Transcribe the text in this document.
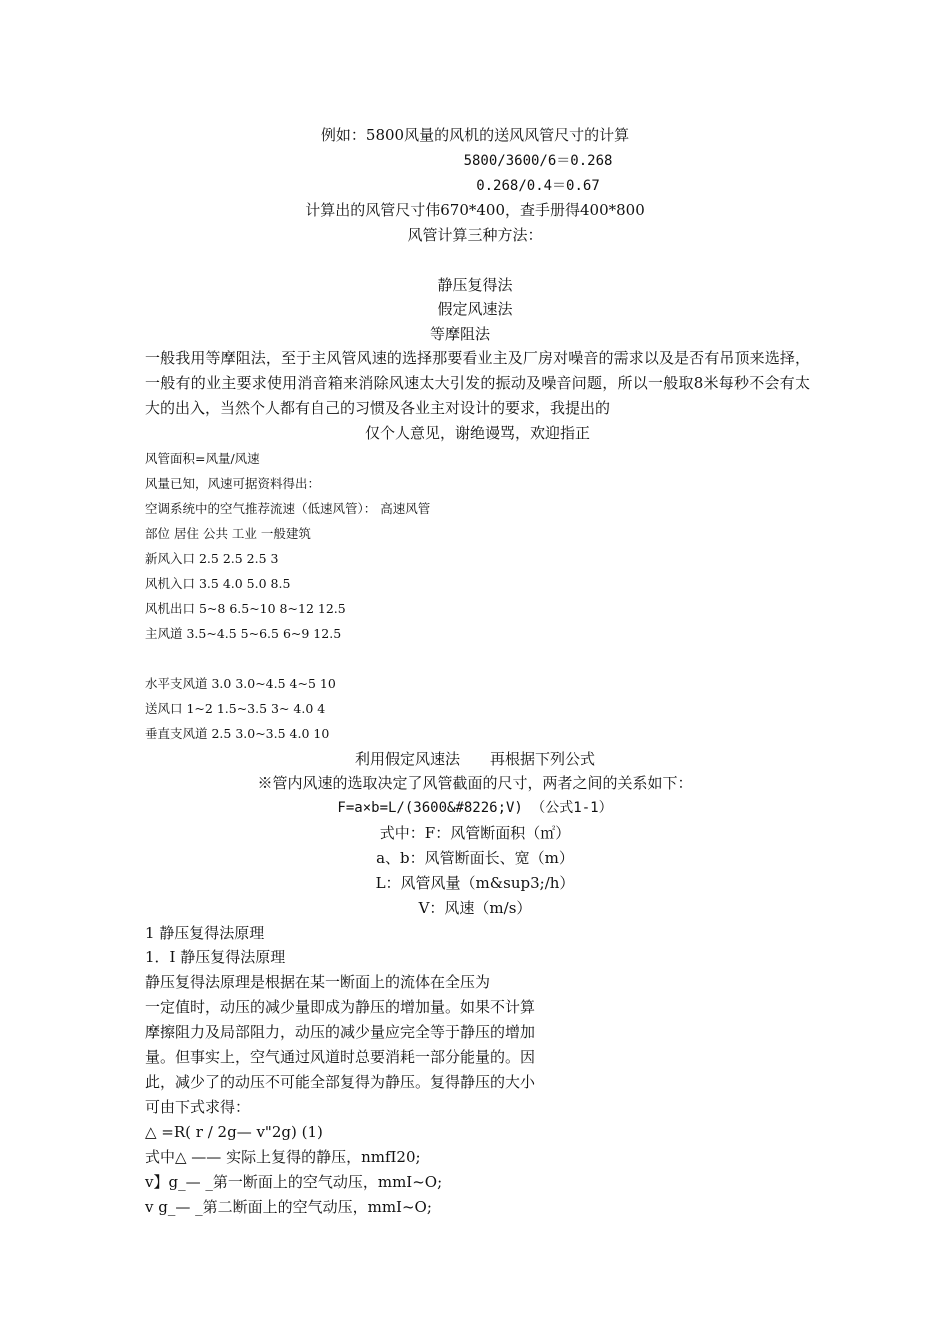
例如：5800风量的风机的送风风管尺寸的计算
5800/3600/6＝0.268
0.268/0.4＝0.67
计算出的风管尺寸伟670*400，查手册得400*800
风管计算三种方法：
静压复得法
假定风速法
等摩阻法
一般我用等摩阻法，至于主风管风速的选择那要看业主及厂房对噪音的需求以及是否有吊顶来选择，一般有的业主要求使用消音箱来消除风速太大引发的振动及噪音问题，所以一般取8米每秒不会有太大的出入，当然个人都有自己的习惯及各业主对设计的要求，我提出的
仅个人意见，谢绝谩骂，欢迎指正
风管面积=风量/风速
风量已知，风速可据资料得出：
空调系统中的空气推荐流速（低速风管）： 高速风管
部位 居住 公共 工业 一般建筑
新风入口 2.5 2.5 2.5 3
风机入口 3.5 4.0 5.0 8.5
风机出口 5~8 6.5~10 8~12 12.5
主风道 3.5~4.5 5~6.5 6~9 12.5
水平支风道 3.0 3.0~4.5 4~5 10
送风口 1~2 1.5~3.5 3~ 4.0 4
垂直支风道 2.5 3.0~3.5 4.0 10
利用假定风速法　　再根据下列公式
※管内风速的选取决定了风管截面的尺寸，两者之间的关系如下：
F=a×b=L/(3600&#8226;V) （公式1-1）
式中：F：风管断面积（㎡）
a、b：风管断面长、宽（m）
L：风管风量（m&sup3;/h）
V：风速（m/s）
1 静压复得法原理
1．I 静压复得法原理
静压复得法原理是根据在某一断面上的流体在全压为
一定值时，动压的减少量即成为静压的增加量。如果不计算
摩擦阻力及局部阻力，动压的减少量应完全等于静压的增加
量。但事实上，空气通过风道时总要消耗一部分能量的。因
此，减少了的动压不可能全部复得为静压。复得静压的大小
可由下式求得：
△ =R( r / 2g— v"2g) (1)
式中△ —— 实际上复得的静压，nmfI20;
v】g_— _第一断面上的空气动压，mmI~O;
v g_— _第二断面上的空气动压，mmI~O;
